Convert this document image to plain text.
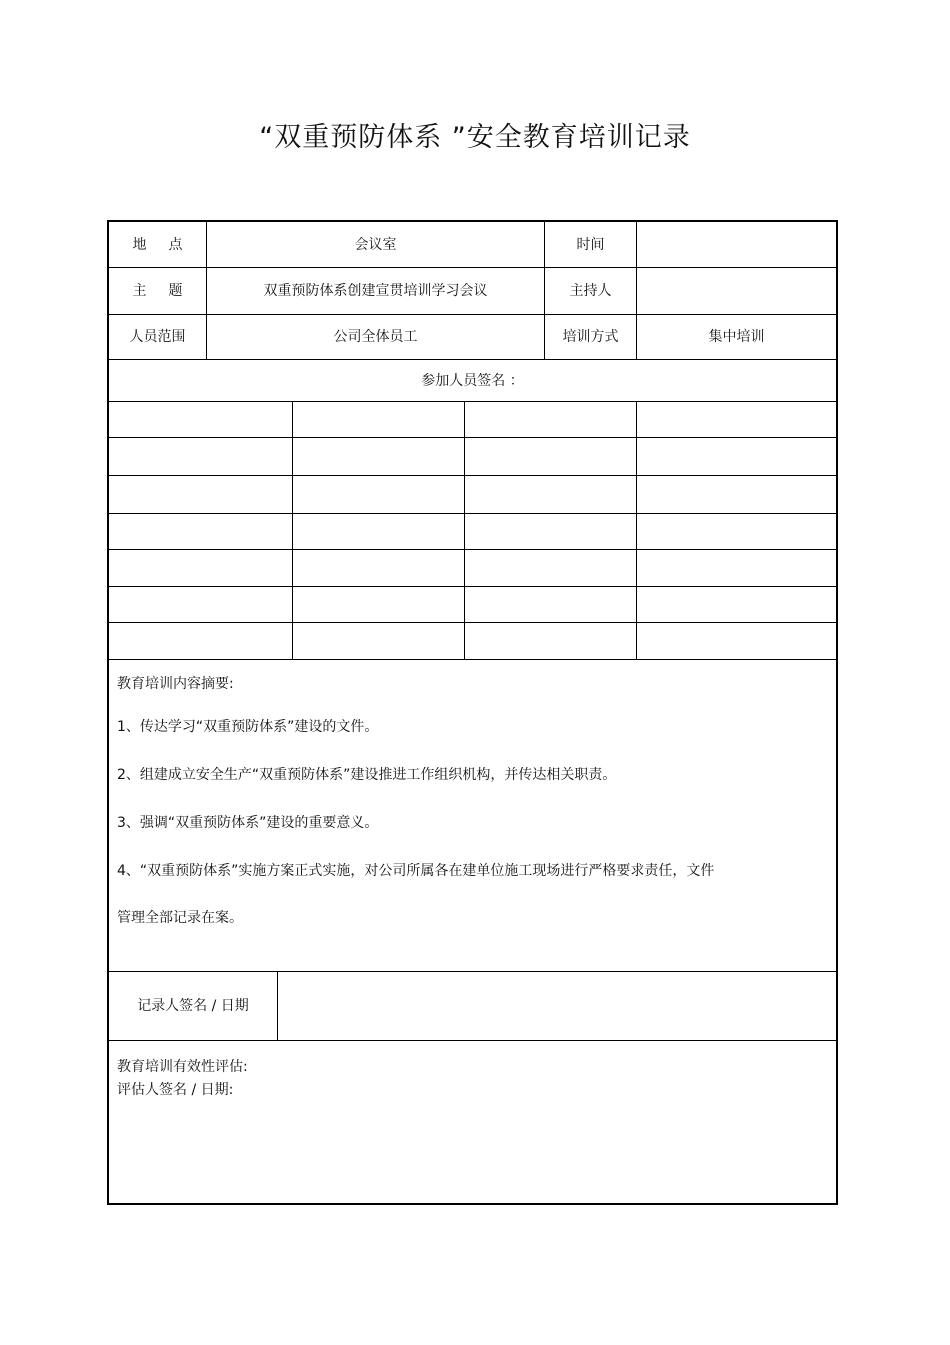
“双重预防体系 ”安全教育培训记录
地 点	会议室	时间
主 题	双重预防体系创建宣贯培训学习会议	主持人
人员范围	公司全体员工	培训方式	集中培训
参加人员签名 ：
教育培训内容摘要:
1、传达学习“双重预防体系”建设的文件。
2、组建成立安全生产“双重预防体系”建设推进工作组织机构，并传达相关职责。
3、强调“双重预防体系”建设的重要意义。
4、“双重预防体系”实施方案正式实施，对公司所属各在建单位施工现场进行严格要求责任，文件
管理全部记录在案。
记录人签名 / 日期
教育培训有效性评估:
评估人签名 / 日期:
